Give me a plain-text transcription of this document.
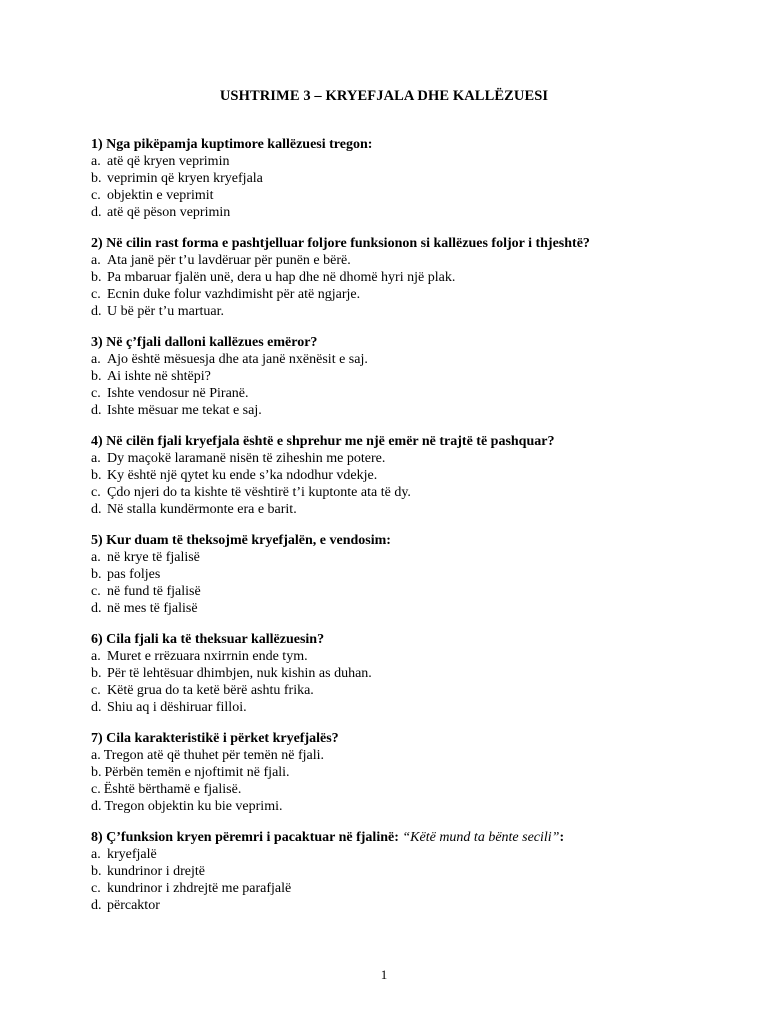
USHTRIME 3 – KRYEFJALA DHE KALLËZUESI
1) Nga pikëpamja kuptimore kallëzuesi tregon:
a. atë që kryen veprimin
b. veprimin që kryen kryefjala
c. objektin e veprimit
d. atë që pëson veprimin
2) Në cilin rast forma e pashtjelluar foljore funksionon si kallëzues foljor i thjeshtë?
a. Ata janë për t’u lavdëruar për punën e bërë.
b. Pa mbaruar fjalën unë, dera u hap dhe në dhomë hyri një plak.
c. Ecnin duke folur vazhdimisht për atë ngjarje.
d. U bë për t’u martuar.
3) Në ç’fjali dalloni kallëzues emëror?
a. Ajo është mësuesja dhe ata janë nxënësit e saj.
b. Ai ishte në shtëpi?
c. Ishte vendosur në Piranë.
d. Ishte mësuar me tekat e saj.
4) Në cilën fjali kryefjala është e shprehur me një emër në trajtë të pashquar?
a. Dy maçokë laramanë nisën të ziheshin me potere.
b. Ky është një qytet ku ende s’ka ndodhur vdekje.
c. Çdo njeri do ta kishte të vështirë t’i kuptonte ata të dy.
d. Në stalla kundërmonte era e barit.
5) Kur duam të theksojmë kryefjalën, e vendosim:
a. në krye të fjalisë
b. pas foljes
c. në fund të fjalisë
d. në mes të fjalisë
6) Cila fjali ka të theksuar kallëzuesin?
a. Muret e rrëzuara nxirrnin ende tym.
b. Për të lehtësuar dhimbjen, nuk kishin as duhan.
c. Këtë grua do ta ketë bërë ashtu frika.
d. Shiu aq i dëshiruar filloi.
7) Cila karakteristikë i përket kryefjalës?
a. Tregon atë që thuhet për temën në fjali.
b. Përbën temën e njoftimit në fjali.
c. Është bërthamë e fjalisë.
d. Tregon objektin ku bie veprimi.
8) Ç’funksion kryen përemri i pacaktuar në fjalinë: “Këtë mund ta bënte secili”:
a. kryefjalë
b. kundrinor i drejtë
c. kundrinor i zhdrejtë me parafjalë
d. përcaktor
1
